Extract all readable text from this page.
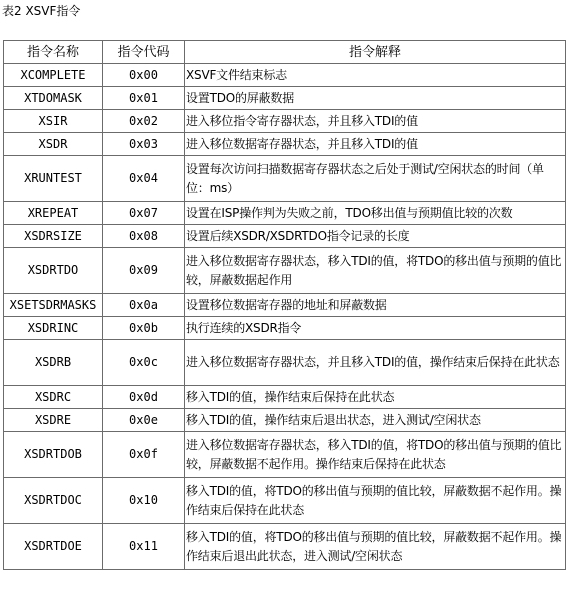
表2 XSVF指令
指令名称	指令代码	指令解释
XCOMPLETE	0x00	XSVF文件结束标志
XTDOMASK	0x01	设置TDO的屏蔽数据
XSIR	0x02	进入移位指令寄存器状态，并且移入TDI的值
XSDR	0x03	进入移位数据寄存器状态，并且移入TDI的值
XRUNTEST	0x04	设置每次访问扫描数据寄存器状态之后处于测试/空闲状态的时间（单位：ms）
XREPEAT	0x07	设置在ISP操作判为失败之前，TDO移出值与预期值比较的次数
XSDRSIZE	0x08	设置后续XSDR/XSDRTDO指令记录的长度
XSDRTDO	0x09	进入移位数据寄存器状态，移入TDI的值，将TDO的移出值与预期的值比较，屏蔽数据起作用
XSETSDRMASKS	0x0a	设置移位数据寄存器的地址和屏蔽数据
XSDRINC	0x0b	执行连续的XSDR指令
XSDRB	0x0c	进入移位数据寄存器状态，并且移入TDI的值，操作结束后保持在此状态
XSDRC	0x0d	移入TDI的值，操作结束后保持在此状态
XSDRE	0x0e	移入TDI的值，操作结束后退出状态，进入测试/空闲状态
XSDRTDOB	0x0f	进入移位数据寄存器状态，移入TDI的值，将TDO的移出值与预期的值比较，屏蔽数据不起作用。操作结束后保持在此状态
XSDRTDOC	0x10	移入TDI的值，将TDO的移出值与预期的值比较，屏蔽数据不起作用。操作结束后保持在此状态
XSDRTDOE	0x11	移入TDI的值，将TDO的移出值与预期的值比较，屏蔽数据不起作用。操作结束后退出此状态，进入测试/空闲状态
